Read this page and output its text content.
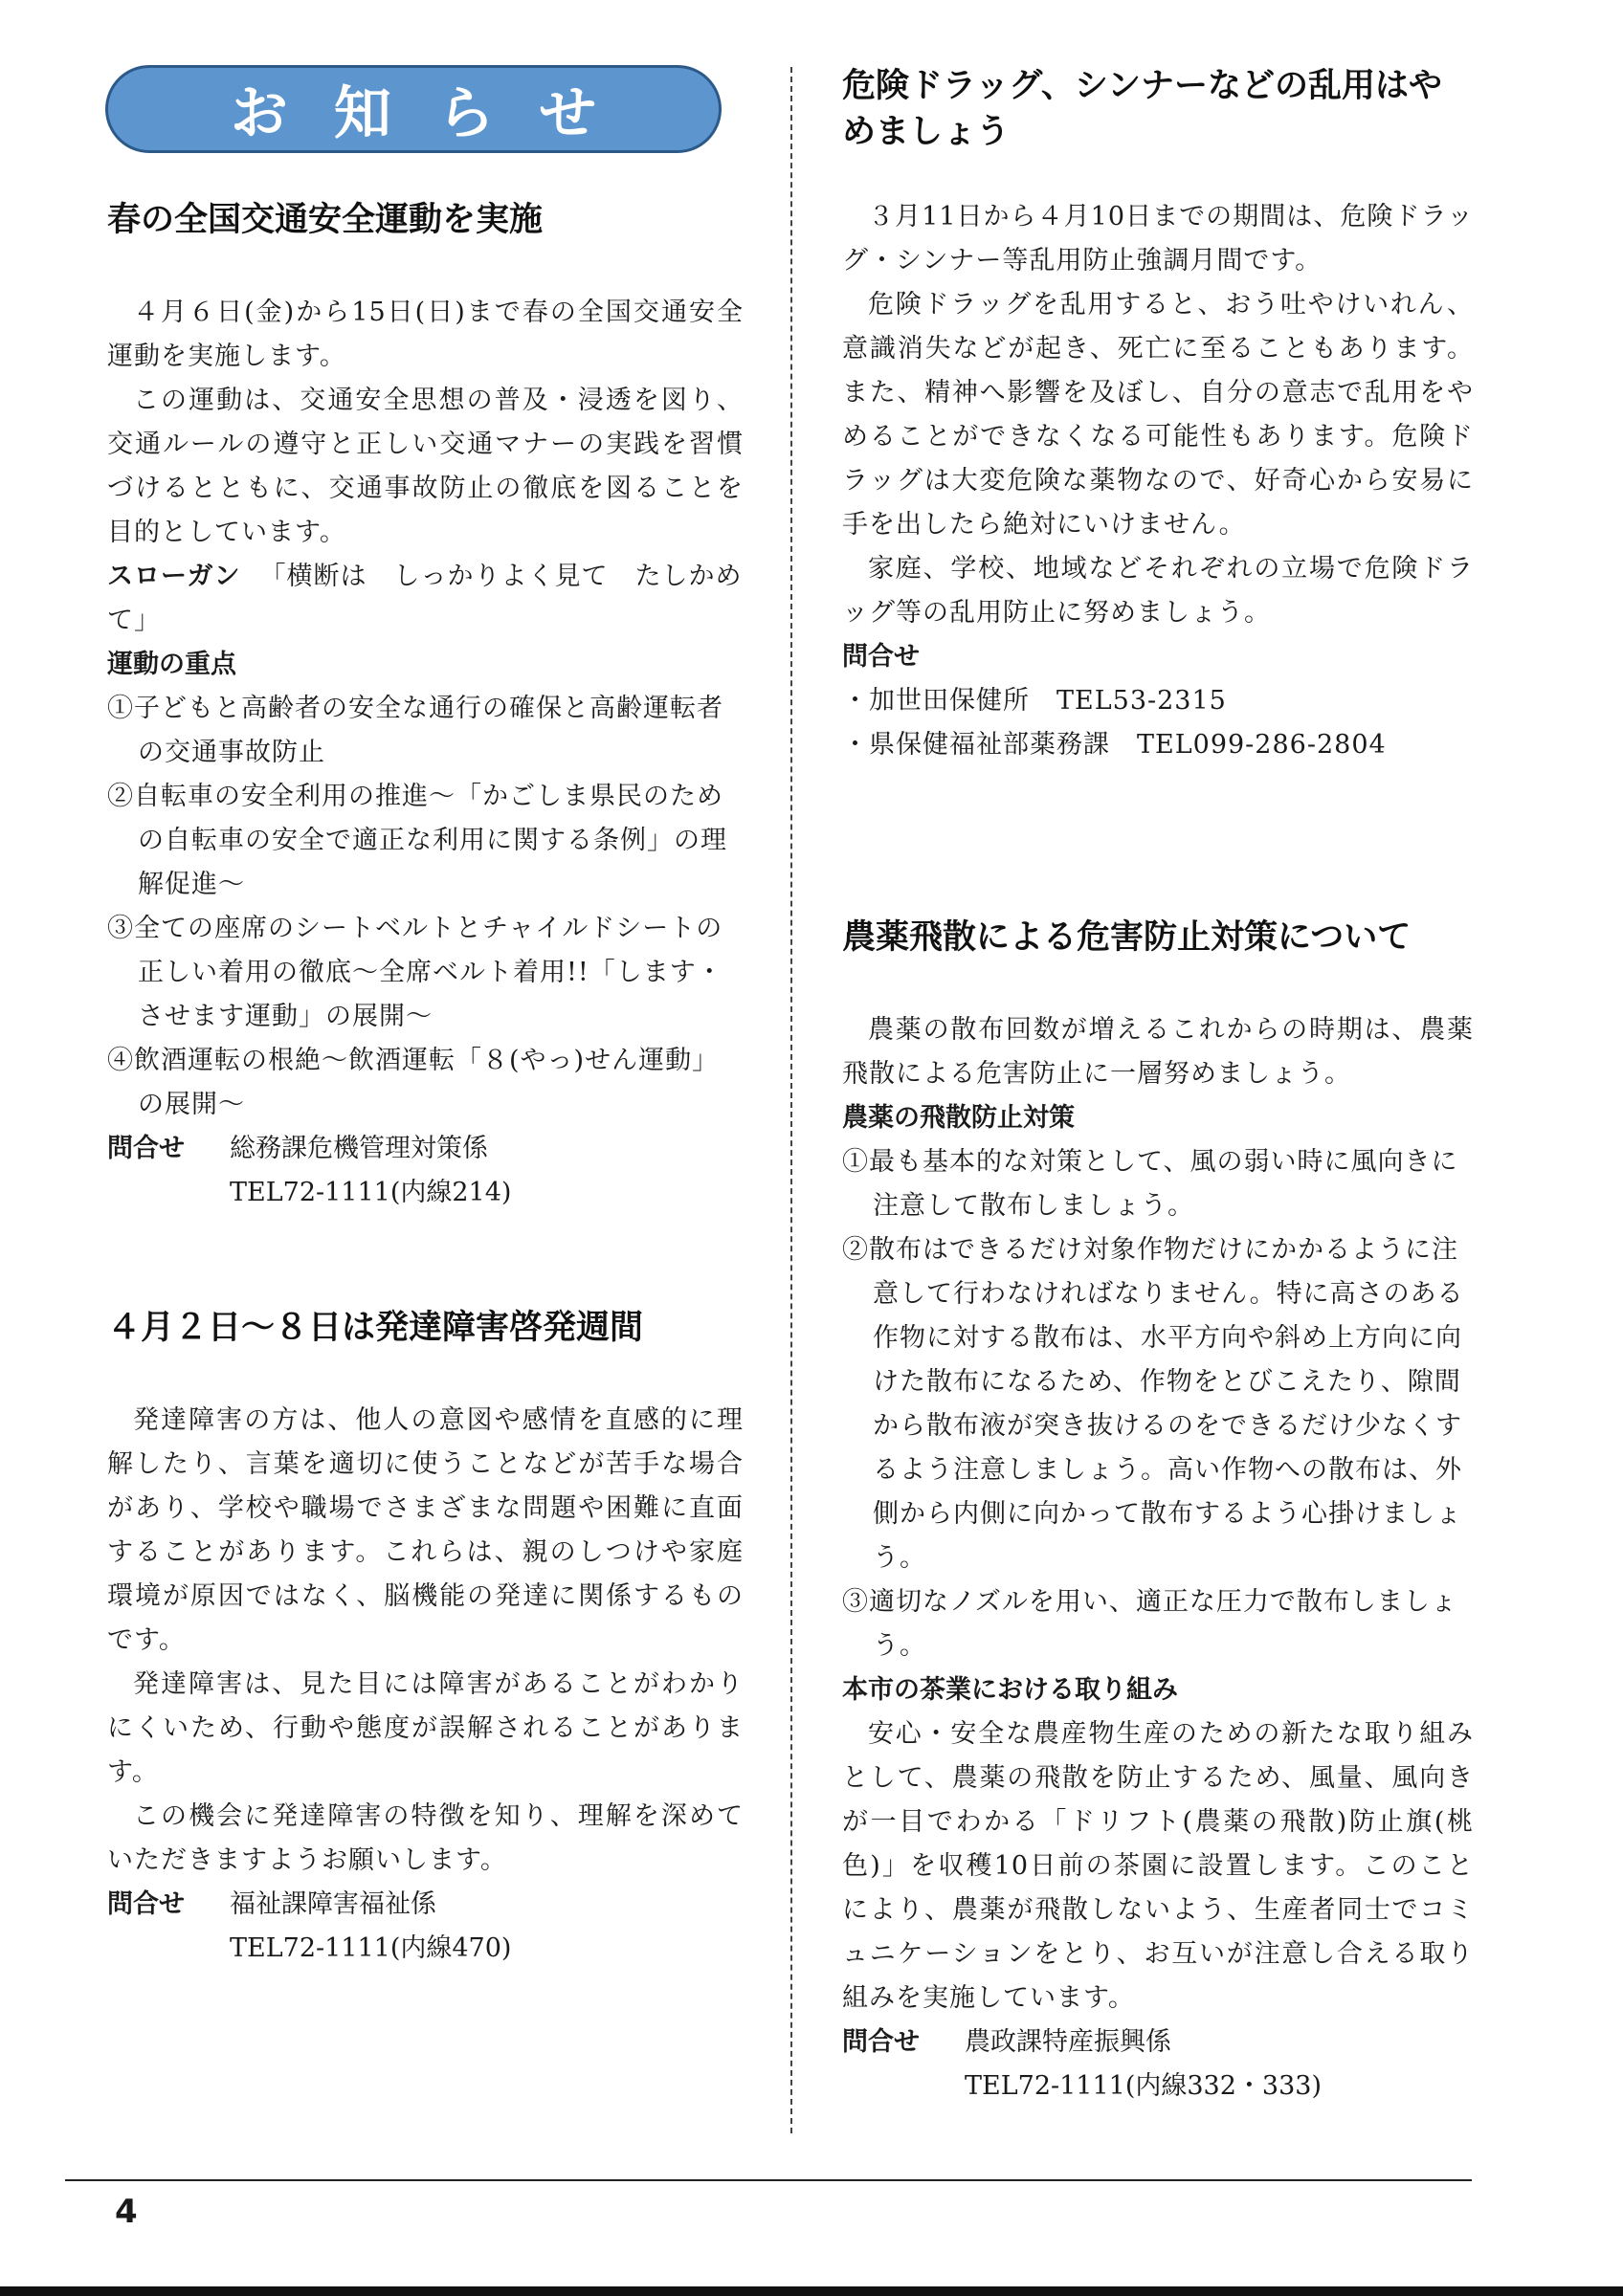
お知らせ
春の全国交通安全運動を実施

４月６日(金)から15日(日)まで春の全国交通安全運動を実施します。

この運動は、交通安全思想の普及・浸透を図り、交通ルールの遵守と正しい交通マナーの実践を習慣づけるとともに、交通事故防止の徹底を図ることを目的としています。

スローガン 「横断は　しっかりよく見て　たしかめて」

運動の重点

①子どもと高齢者の安全な通行の確保と高齢運転者の交通事故防止

②自転車の安全利用の推進～「かごしま県民のための自転車の安全で適正な利用に関する条例」の理解促進～

③全ての座席のシートベルトとチャイルドシートの正しい着用の徹底～全席ベルト着用!!「します・させます運動」の展開～

④飲酒運転の根絶～飲酒運転「８(やっ)せん運動」の展開～

問合せ	総務課危機管理対策係

TEL72-1111(内線214)

４月２日～８日は発達障害啓発週間

発達障害の方は、他人の意図や感情を直感的に理解したり、言葉を適切に使うことなどが苦手な場合があり、学校や職場でさまざまな問題や困難に直面することがあります。これらは、親のしつけや家庭環境が原因ではなく、脳機能の発達に関係するものです。

発達障害は、見た目には障害があることがわかりにくいため、行動や態度が誤解されることがあります。

この機会に発達障害の特徴を知り、理解を深めていただきますようお願いします。

問合せ	福祉課障害福祉係

TEL72-1111(内線470)

危険ドラッグ、シンナーなどの乱用はやめましょう

３月11日から４月10日までの期間は、危険ドラッグ・シンナー等乱用防止強調月間です。

危険ドラッグを乱用すると、おう吐やけいれん、意識消失などが起き、死亡に至ることもあります。また、精神へ影響を及ぼし、自分の意志で乱用をやめることができなくなる可能性もあります。危険ドラッグは大変危険な薬物なので、好奇心から安易に手を出したら絶対にいけません。

家庭、学校、地域などそれぞれの立場で危険ドラッグ等の乱用防止に努めましょう。

問合せ

・加世田保健所　TEL53-2315

・県保健福祉部薬務課　TEL099-286-2804

農薬飛散による危害防止対策について

農薬の散布回数が増えるこれからの時期は、農薬飛散による危害防止に一層努めましょう。

農薬の飛散防止対策

①最も基本的な対策として、風の弱い時に風向きに注意して散布しましょう。

②散布はできるだけ対象作物だけにかかるように注意して行わなければなりません。特に高さのある作物に対する散布は、水平方向や斜め上方向に向けた散布になるため、作物をとびこえたり、隙間から散布液が突き抜けるのをできるだけ少なくするよう注意しましょう。高い作物への散布は、外側から内側に向かって散布するよう心掛けましょう。

③適切なノズルを用い、適正な圧力で散布しましょう。

本市の茶業における取り組み

安心・安全な農産物生産のための新たな取り組みとして、農薬の飛散を防止するため、風量、風向きが一目でわかる「ドリフト(農薬の飛散)防止旗(桃色)」を収穫10日前の茶園に設置します。このことにより、農薬が飛散しないよう、生産者同士でコミュニケーションをとり、お互いが注意し合える取り組みを実施しています。

問合せ	農政課特産振興係

TEL72-1111(内線332・333)

4
